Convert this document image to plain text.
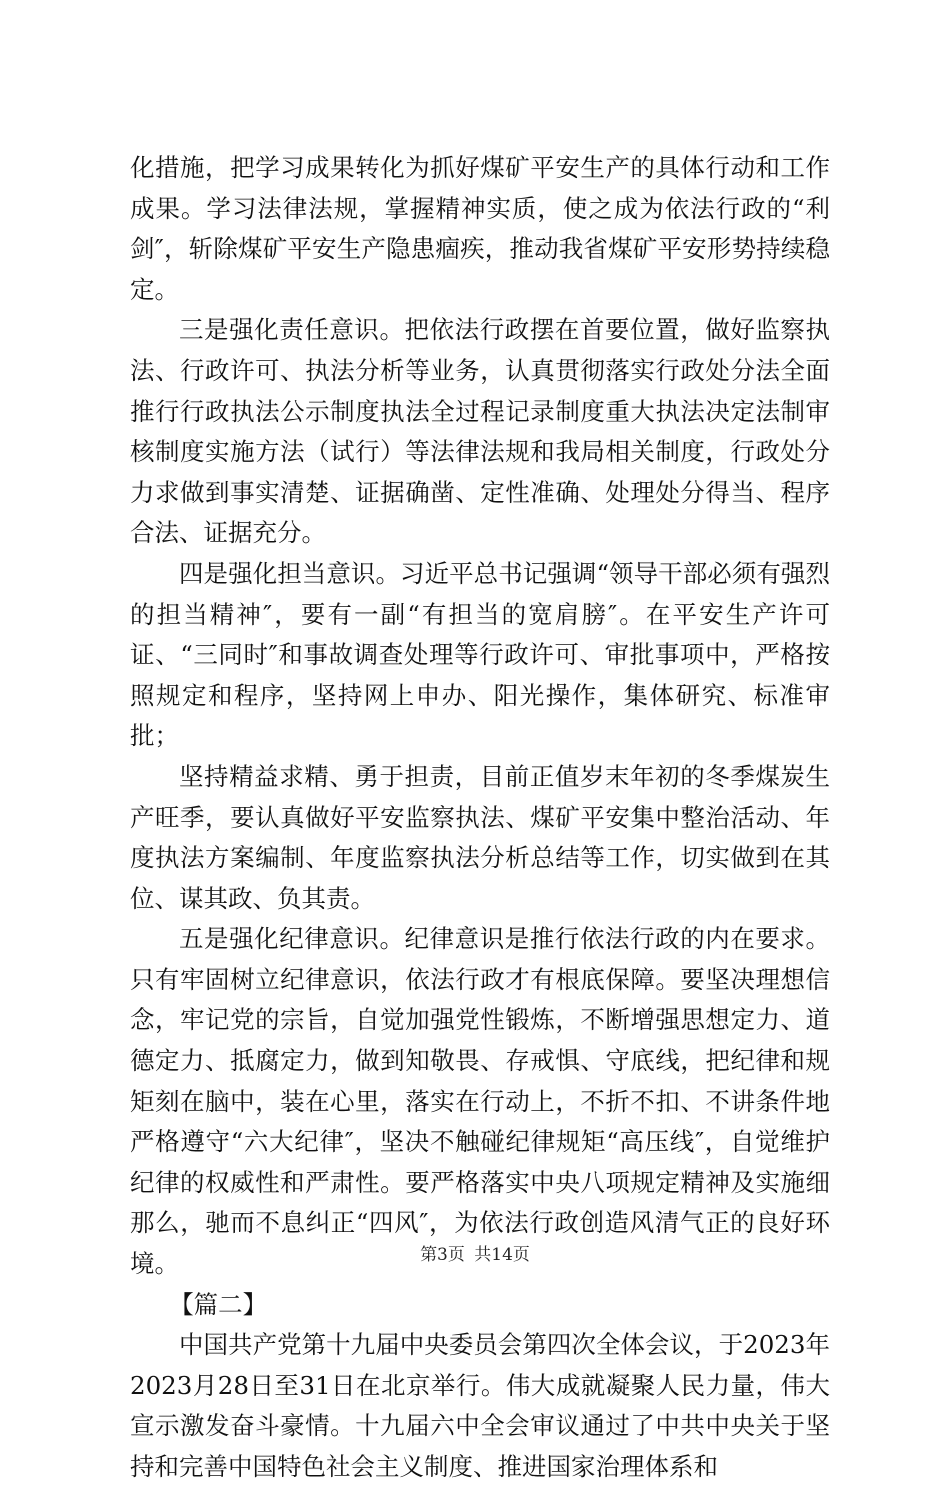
化措施，把学习成果转化为抓好煤矿平安生产的具体行动和工作成果。学习法律法规，掌握精神实质，使之成为依法行政的“利剑″，斩除煤矿平安生产隐患痼疾，推动我省煤矿平安形势持续稳定。

三是强化责任意识。把依法行政摆在首要位置，做好监察执法、行政许可、执法分析等业务，认真贯彻落实行政处分法全面推行行政执法公示制度执法全过程记录制度重大执法决定法制审核制度实施方法（试行）等法律法规和我局相关制度，行政处分力求做到事实清楚、证据确凿、定性准确、处理处分得当、程序合法、证据充分。

四是强化担当意识。习近平总书记强调“领导干部必须有强烈的担当精神″，要有一副“有担当的宽肩膀″。在平安生产许可证、“三同时″和事故调查处理等行政许可、审批事项中，严格按照规定和程序，坚持网上申办、阳光操作，集体研究、标准审批；

坚持精益求精、勇于担责，目前正值岁末年初的冬季煤炭生产旺季，要认真做好平安监察执法、煤矿平安集中整治活动、年度执法方案编制、年度监察执法分析总结等工作，切实做到在其位、谋其政、负其责。

五是强化纪律意识。纪律意识是推行依法行政的内在要求。只有牢固树立纪律意识，依法行政才有根底保障。要坚决理想信念，牢记党的宗旨，自觉加强党性锻炼，不断增强思想定力、道德定力、抵腐定力，做到知敬畏、存戒惧、守底线，把纪律和规矩刻在脑中，装在心里，落实在行动上，不折不扣、不讲条件地严格遵守“六大纪律″，坚决不触碰纪律规矩“高压线″，自觉维护纪律的权威性和严肃性。要严格落实中央八项规定精神及实施细那么，驰而不息纠正“四风″，为依法行政创造风清气正的良好环境。

【篇二】

中国共产党第十九届中央委员会第四次全体会议，于2023年2023月28日至31日在北京举行。伟大成就凝聚人民力量，伟大宣示激发奋斗豪情。十九届六中全会审议通过了中共中央关于坚持和完善中国特色社会主义制度、推进国家治理体系和

第3页 共14页
